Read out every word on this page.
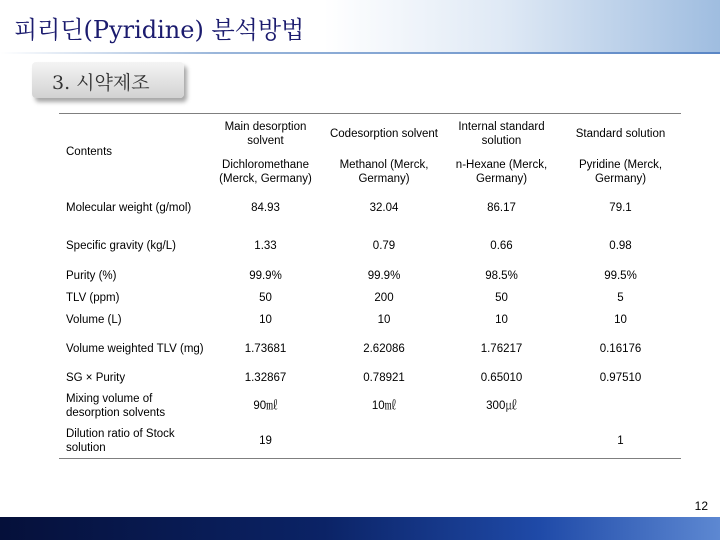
피리딘(Pyridine) 분석방법
3. 시약제조
Contents	Main desorption solvent	Codesorption solvent	Internal standard solution	Standard solution
	Dichloromethane (Merck, Germany)	Methanol (Merck, Germany)	n-Hexane (Merck, Germany)	Pyridine (Merck, Germany)
Molecular weight (g/mol)	84.93	32.04	86.17	79.1
Specific gravity (kg/L)	1.33	0.79	0.66	0.98
Purity (%)	99.9%	99.9%	98.5%	99.5%
TLV (ppm)	50	200	50	5
Volume (L)	10	10	10	10
Volume weighted TLV (mg)	1.73681	2.62086	1.76217	0.16176
SG × Purity	1.32867	0.78921	0.65010	0.97510
Mixing volume of desorption solvents	90㎖	10㎖	300㎕	
Dilution ratio of Stock solution	19			1
12
